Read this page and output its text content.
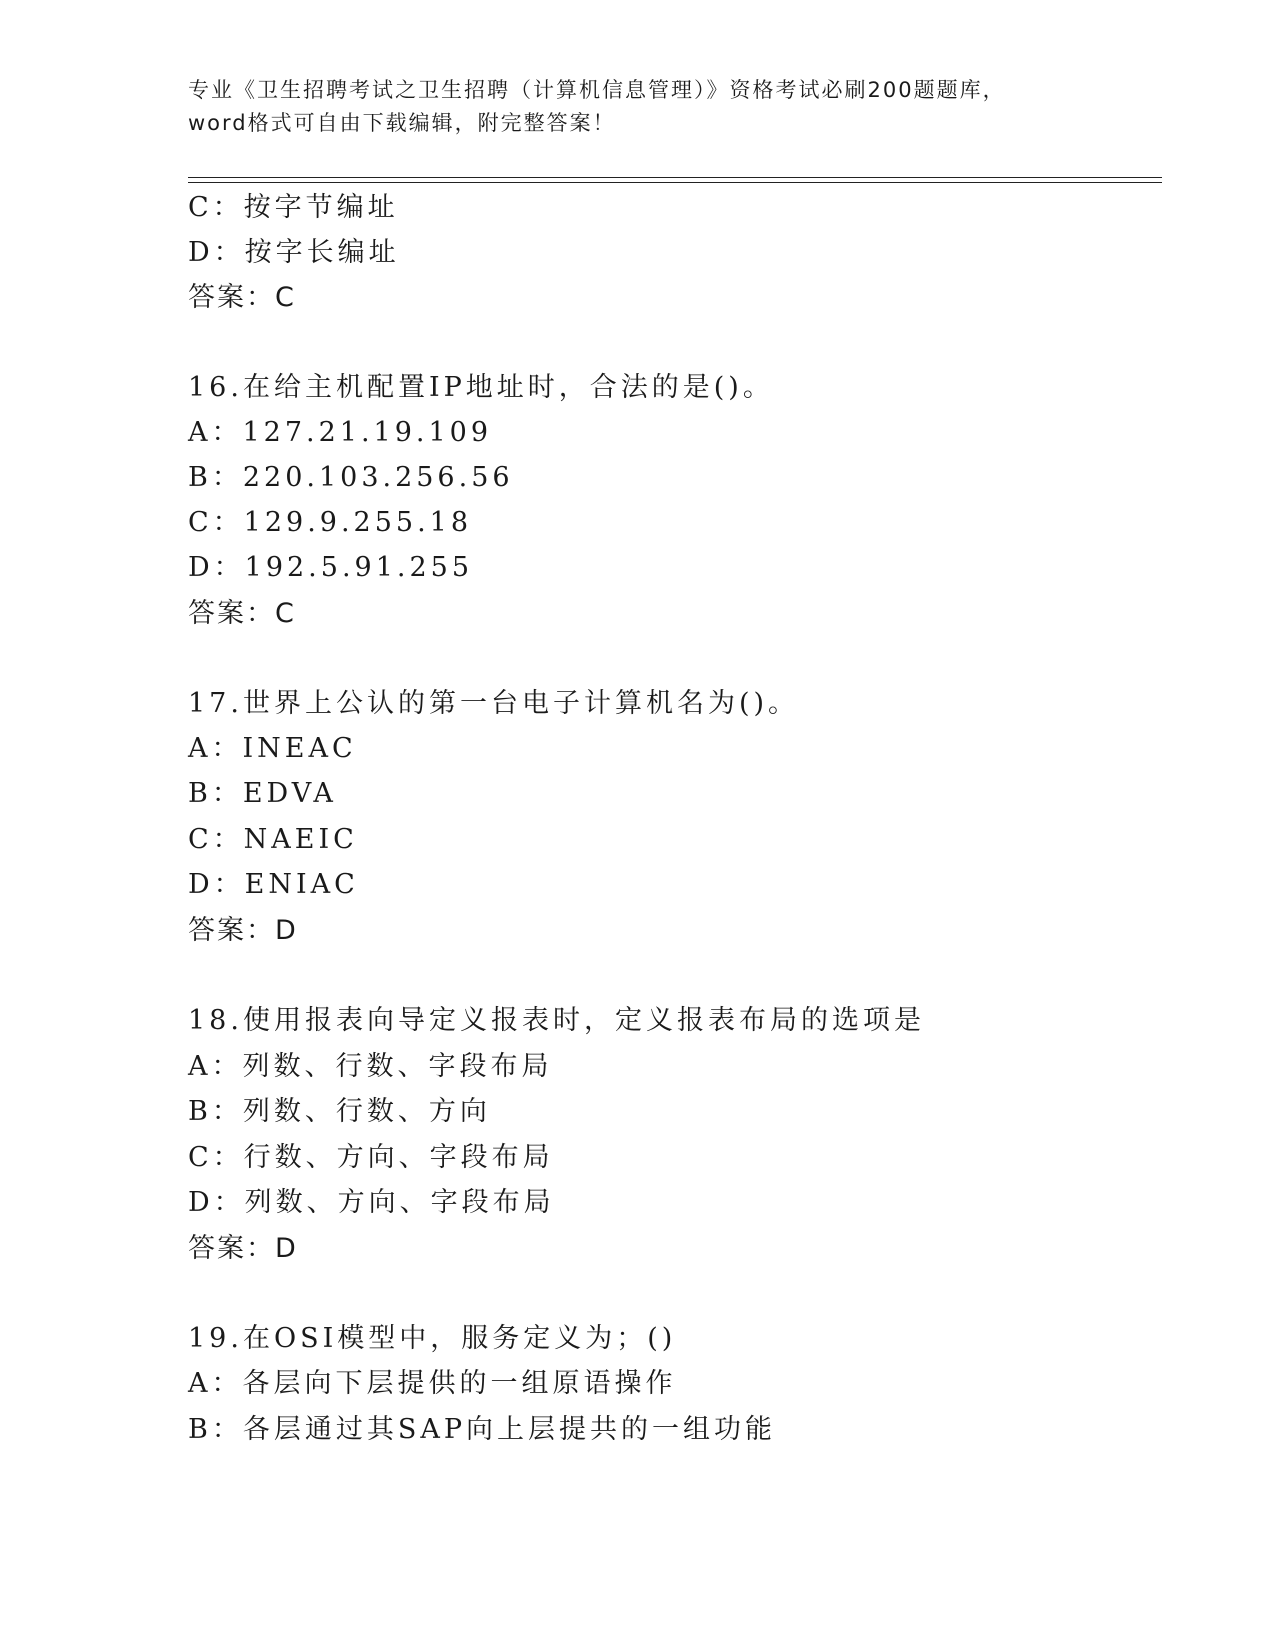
专业《卫生招聘考试之卫生招聘（计算机信息管理）》资格考试必刷200题题库，
word格式可自由下载编辑，附完整答案！
C：按字节编址
D：按字长编址
答案：C
16.在给主机配置IP地址时，合法的是()。
A：127.21.19.109
B：220.103.256.56
C：129.9.255.18
D：192.5.91.255
答案：C
17.世界上公认的第一台电子计算机名为()。
A：INEAC
B：EDVA
C：NAEIC
D：ENIAC
答案：D
18.使用报表向导定义报表时，定义报表布局的选项是
A：列数、行数、字段布局
B：列数、行数、方向
C：行数、方向、字段布局
D：列数、方向、字段布局
答案：D
19.在OSI模型中，服务定义为；()
A：各层向下层提供的一组原语操作
B：各层通过其SAP向上层提共的一组功能
